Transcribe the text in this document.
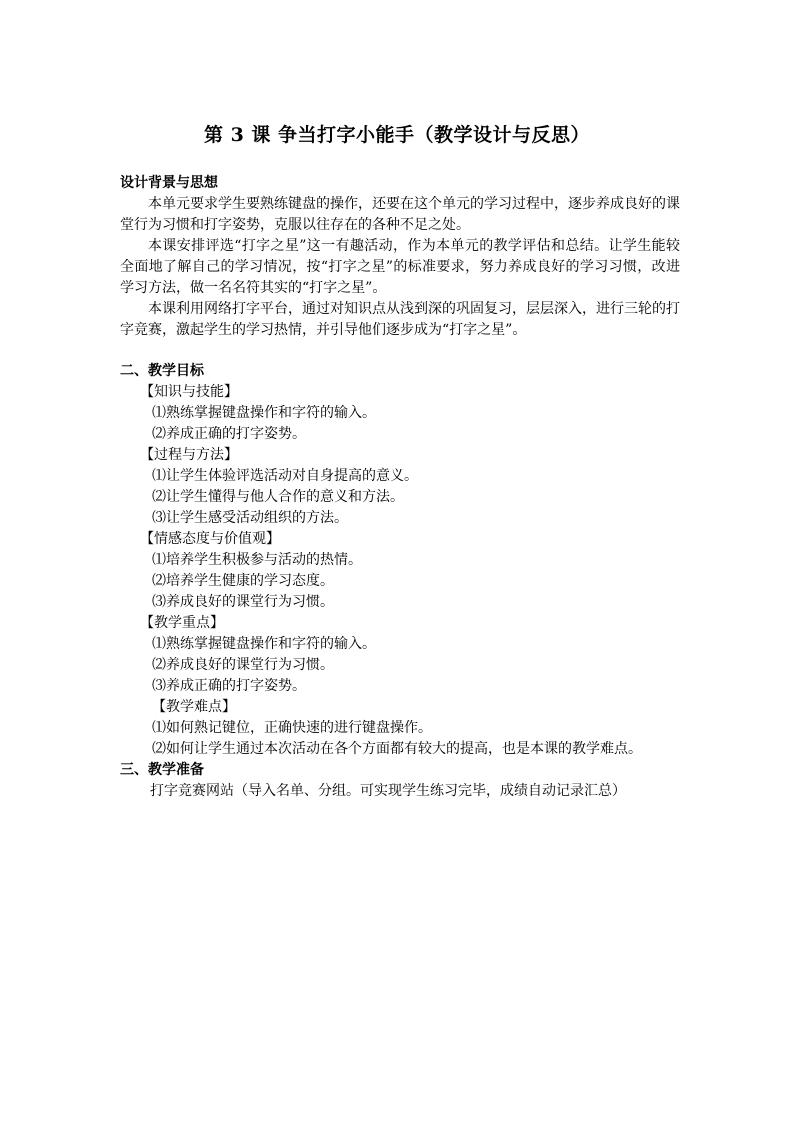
第 3 课 争当打字小能手（教学设计与反思）

设计背景与思想

本单元要求学生要熟练键盘的操作，还要在这个单元的学习过程中，逐步养成良好的课堂行为习惯和打字姿势，克服以往存在的各种不足之处。

本课安排评选“打字之星”这一有趣活动，作为本单元的教学评估和总结。让学生能较全面地了解自己的学习情况，按“打字之星”的标准要求，努力养成良好的学习习惯，改进学习方法，做一名名符其实的“打字之星”。

本课利用网络打字平台，通过对知识点从浅到深的巩固复习，层层深入，进行三轮的打字竞赛，激起学生的学习热情，并引导他们逐步成为“打字之星”。

二、教学目标

【知识与技能】

⑴熟练掌握键盘操作和字符的输入。

⑵养成正确的打字姿势。

【过程与方法】

⑴让学生体验评选活动对自身提高的意义。

⑵让学生懂得与他人合作的意义和方法。

⑶让学生感受活动组织的方法。

【情感态度与价值观】

⑴培养学生积极参与活动的热情。

⑵培养学生健康的学习态度。

⑶养成良好的课堂行为习惯。

【教学重点】

⑴熟练掌握键盘操作和字符的输入。

⑵养成良好的课堂行为习惯。

⑶养成正确的打字姿势。

【教学难点】

⑴如何熟记键位，正确快速的进行键盘操作。

⑵如何让学生通过本次活动在各个方面都有较大的提高，也是本课的教学难点。

三、教学准备

打字竞赛网站（导入名单、分组。可实现学生练习完毕，成绩自动记录汇总）
